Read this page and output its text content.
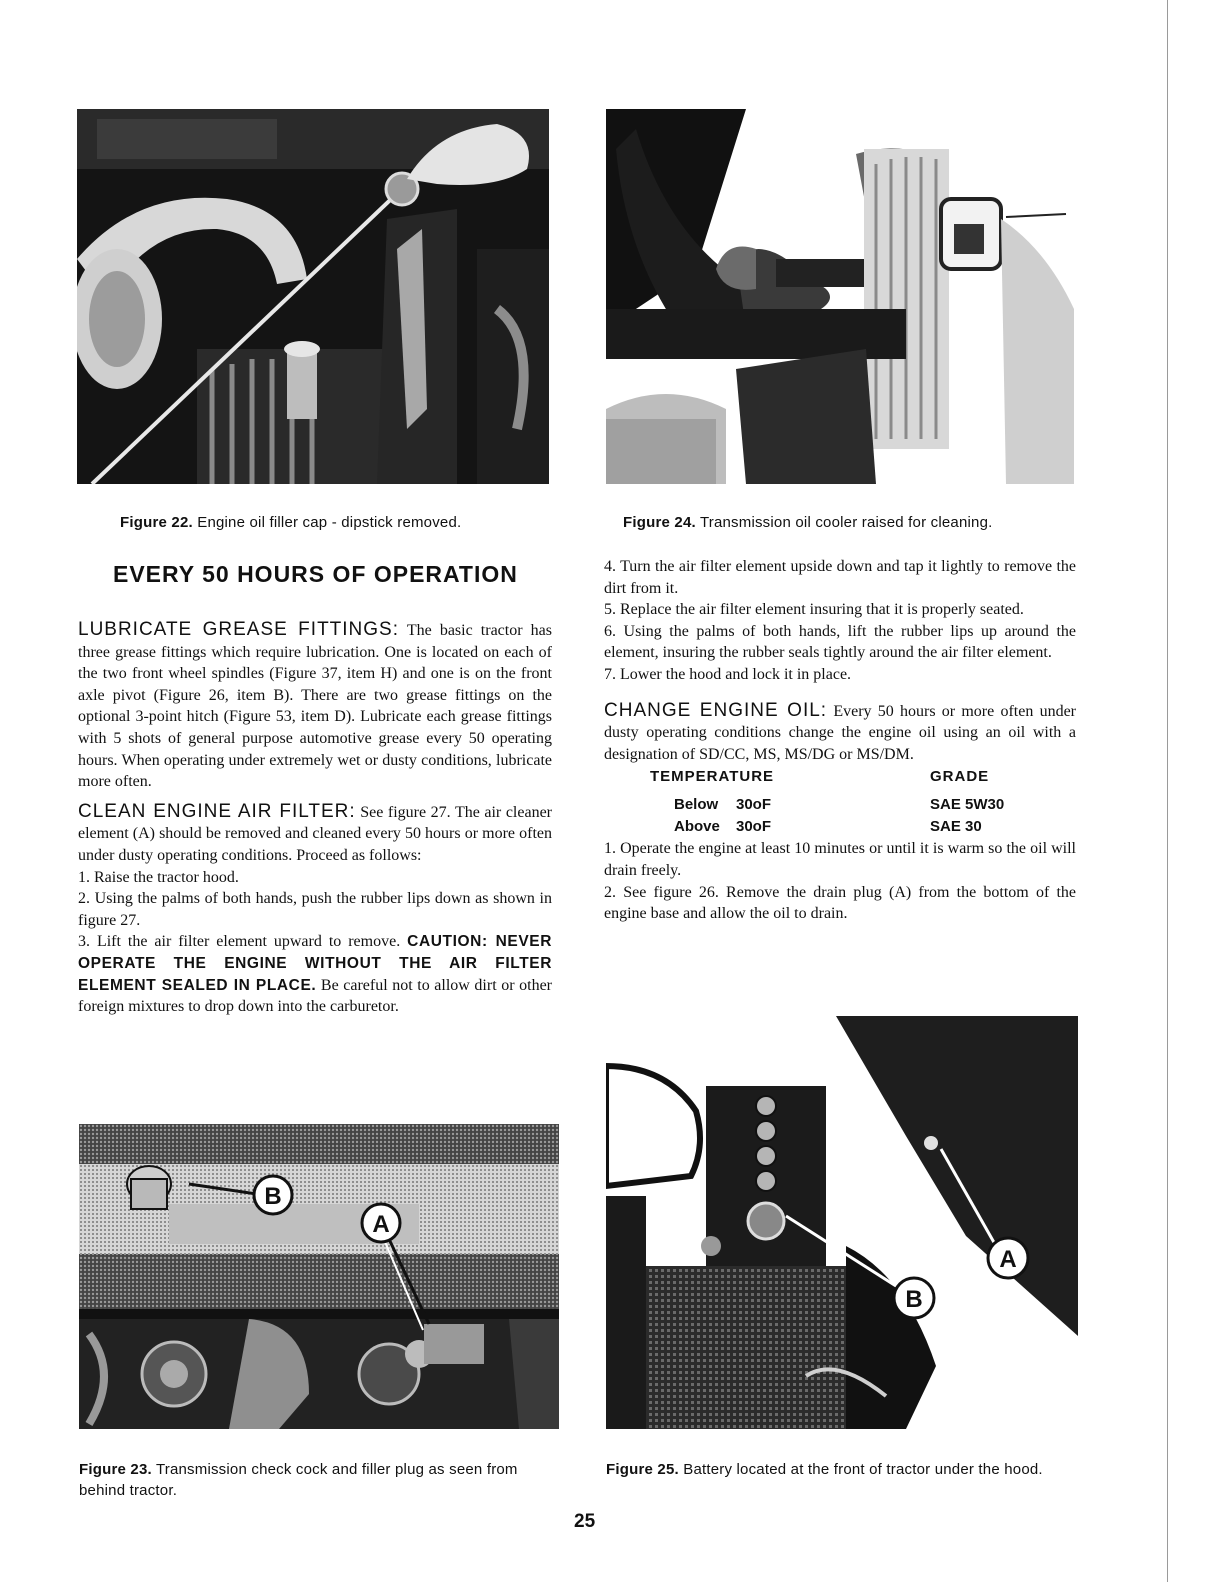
Figure 22. Engine oil filler cap - dipstick removed.	Figure 24. Transmission oil cooler raised for cleaning.
EVERY 50 HOURS OF OPERATION

LUBRICATE GREASE FITTINGS: The basic tractor has three grease fittings which require lubrication. One is located on each of the two front wheel spindles (Figure 37, item H) and one is on the front axle pivot (Figure 26, item B). There are two grease fittings on the optional 3-point hitch (Figure 53, item D). Lubricate each grease fittings with 5 shots of general purpose automotive grease every 50 operating hours. When operating under extremely wet or dusty conditions, lubricate more often.

CLEAN ENGINE AIR FILTER: See figure 27. The air cleaner element (A) should be removed and cleaned every 50 hours or more often under dusty operating conditions. Proceed as follows:

1. Raise the tractor hood.

2. Using the palms of both hands, push the rubber lips down as shown in figure 27.

3. Lift the air filter element upward to remove. CAUTION: NEVER OPERATE THE ENGINE WITHOUT THE AIR FILTER ELEMENT SEALED IN PLACE. Be careful not to allow dirt or other foreign mixtures to drop down into the carburetor.

4. Turn the air filter element upside down and tap it lightly to remove the dirt from it.

5. Replace the air filter element insuring that it is properly seated.

6. Using the palms of both hands, lift the rubber lips up around the element, insuring the rubber seals tightly around the air filter element.

7. Lower the hood and lock it in place.

CHANGE ENGINE OIL: Every 50 hours or more often under dusty operating conditions change the engine oil using an oil with a designation of SD/CC, MS, MS/DG or MS/DM.

TEMPERATURE		GRADE

Below	30oF	SAE 5W30
Above	30oF	SAE 30

1. Operate the engine at least 10 minutes or until it is warm so the oil will drain freely.

2. See figure 26. Remove the drain plug (A) from the bottom of the engine base and allow the oil to drain.

B
A
A
B
Figure 23. Transmission check cock and filler plug as seen from behind tractor.
Figure 25. Battery located at the front of tractor under the hood.
25
